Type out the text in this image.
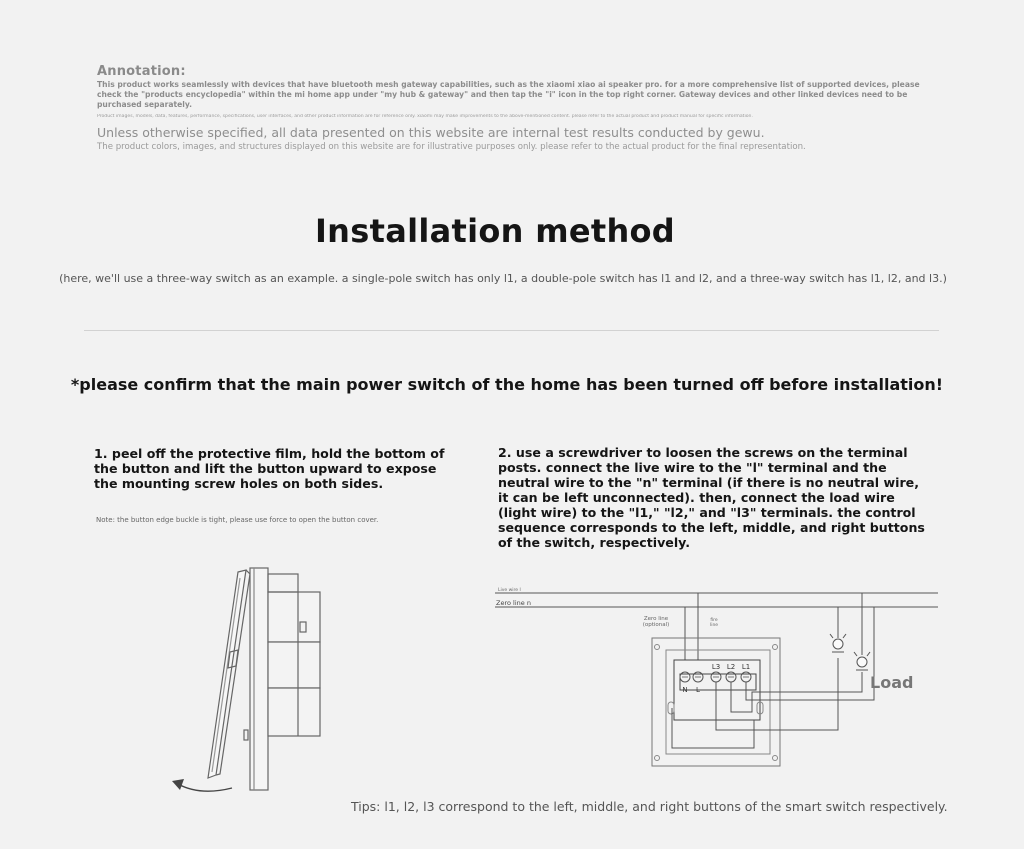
Annotation:
This product works seamlessly with devices that have bluetooth mesh gateway capabilities, such as the xiaomi xiao ai speaker pro. for a more comprehensive list of supported devices, please check the "products encyclopedia" within the mi home app under "my hub & gateway" and then tap the "i" icon in the top right corner. Gateway devices and other linked devices need to be purchased separately.
Product images, models, data, features, performance, specifications, user interfaces, and other product information are for reference only. xiaomi may make improvements to the above-mentioned content. please refer to the actual product and product manual for specific information.
Unless otherwise specified, all data presented on this website are internal test results conducted by gewu.
The product colors, images, and structures displayed on this website are for illustrative purposes only. please refer to the actual product for the final representation.
Installation method
(here, we'll use a three-way switch as an example. a single-pole switch has only l1, a double-pole switch has l1 and l2, and a three-way switch has l1, l2, and l3.)
*please confirm that the main power switch of the home has been turned off before installation!
1. peel off the protective film, hold the bottom of the button and lift the button upward to expose the mounting screw holes on both sides.
Note: the button edge buckle is tight, please use force to open the button cover.
2. use a screwdriver to loosen the screws on the terminal posts. connect the live wire to the "l" terminal and the neutral wire to the "n" terminal (if there is no neutral wire, it can be left unconnected). then, connect the load wire (light wire) to the "l1," "l2," and "l3" terminals. the control sequence corresponds to the left, middle, and right buttons of the switch, respectively.
Live wire l
Zero line n
Zero line
(optional)
fire
line
L3 L2 L1
N L	Load
Tips: l1, l2, l3 correspond to the left, middle, and right buttons of the smart switch respectively.
